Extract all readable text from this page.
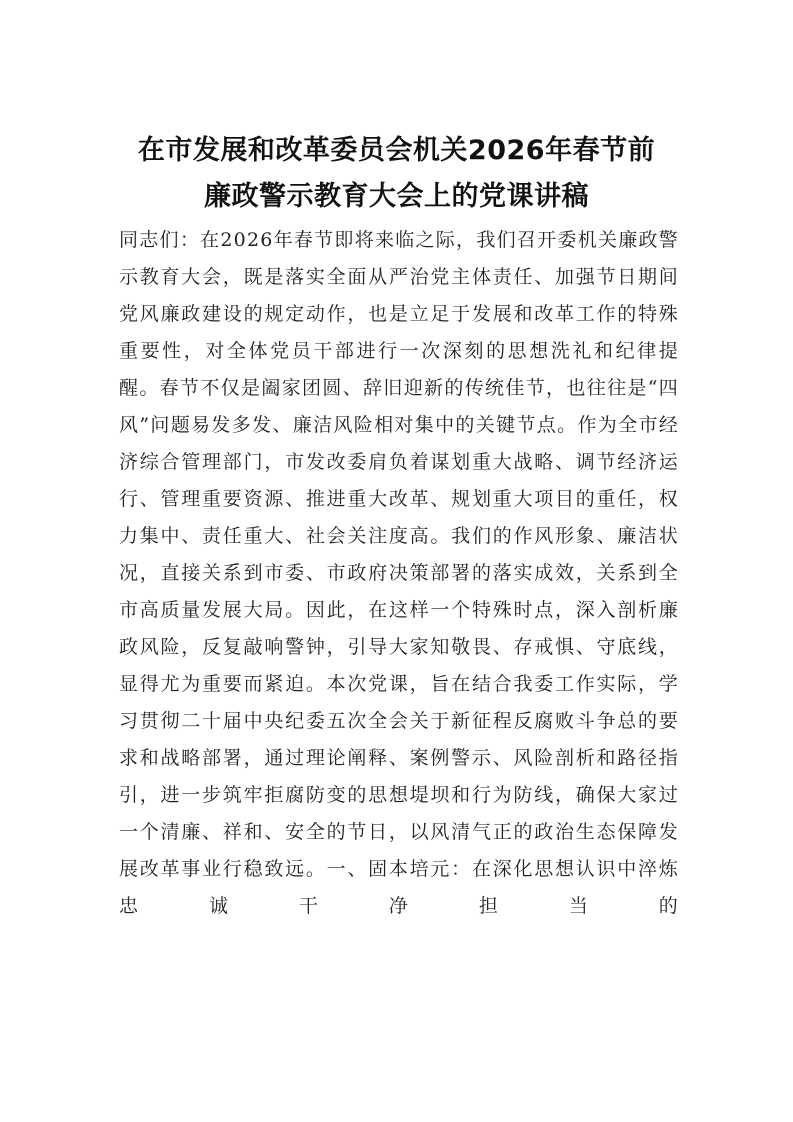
在市发展和改革委员会机关2026年春节前
廉政警示教育大会上的党课讲稿

同志们：在2026年春节即将来临之际，我们召开委机关廉政警示教育大会，既是落实全面从严治党主体责任、加强节日期间党风廉政建设的规定动作，也是立足于发展和改革工作的特殊重要性，对全体党员干部进行一次深刻的思想洗礼和纪律提醒。春节不仅是阖家团圆、辞旧迎新的传统佳节，也往往是“四风”问题易发多发、廉洁风险相对集中的关键节点。作为全市经济综合管理部门，市发改委肩负着谋划重大战略、调节经济运行、管理重要资源、推进重大改革、规划重大项目的重任，权力集中、责任重大、社会关注度高。我们的作风形象、廉洁状况，直接关系到市委、市政府决策部署的落实成效，关系到全市高质量发展大局。因此，在这样一个特殊时点，深入剖析廉政风险，反复敲响警钟，引导大家知敬畏、存戒惧、守底线，显得尤为重要而紧迫。本次党课，旨在结合我委工作实际，学习贯彻二十届中央纪委五次全会关于新征程反腐败斗争总的要求和战略部署，通过理论阐释、案例警示、风险剖析和路径指引，进一步筑牢拒腐防变的思想堤坝和行为防线，确保大家过一个清廉、祥和、安全的节日，以风清气正的政治生态保障发展改革事业行稳致远。一、固本培元：在深化思想认识中淬炼忠诚干净担当的
